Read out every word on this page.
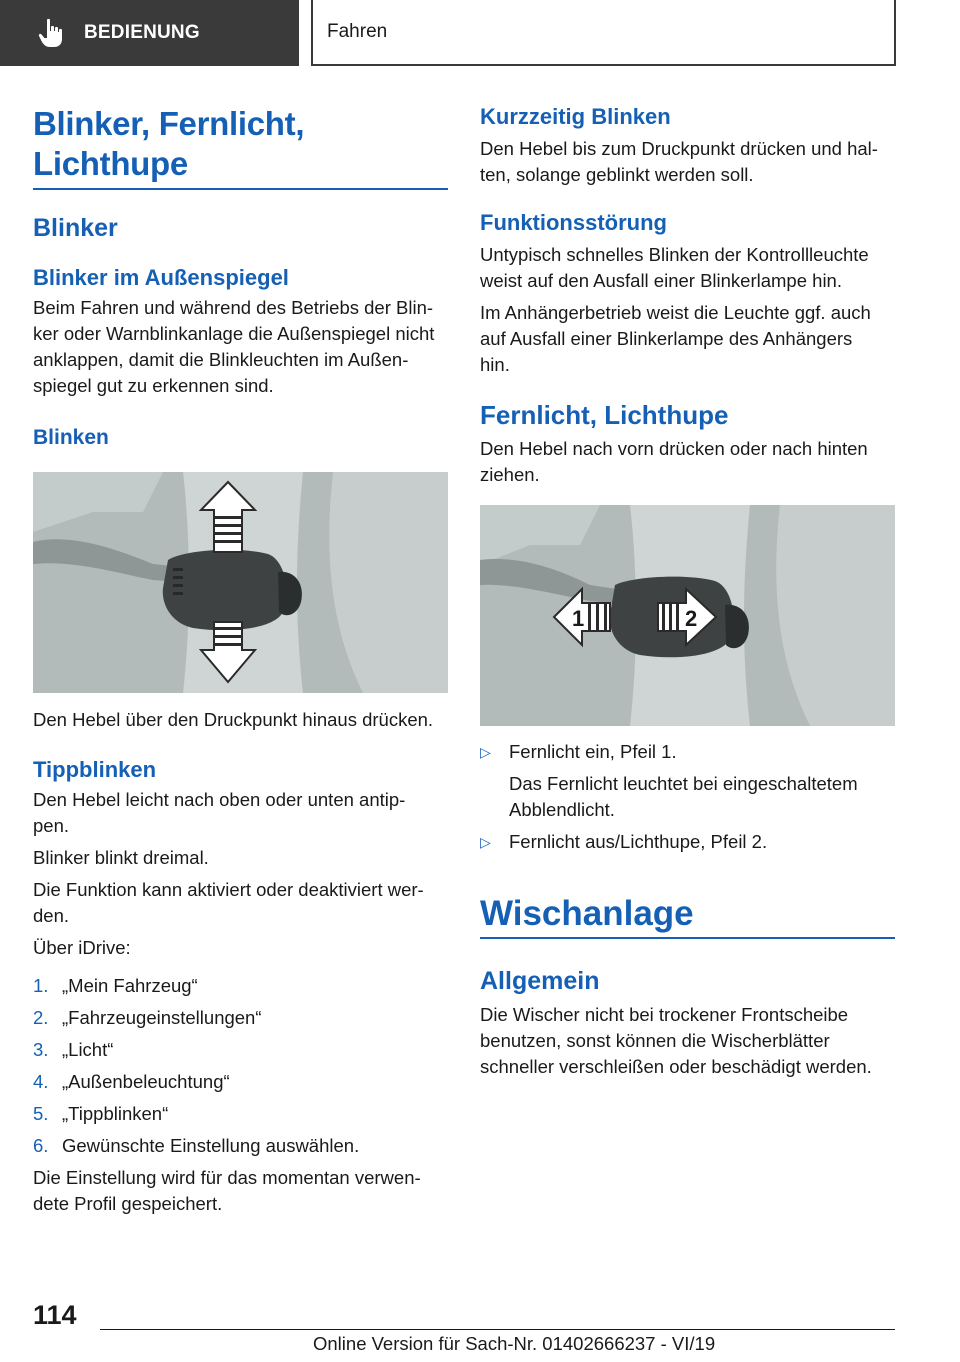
BEDIENUNG	Fahren
Blinker, Fernlicht,
Lichthupe
Blinker
Blinker im Außenspiegel

Beim Fahren und während des Betriebs der Blin-

ker oder Warnblinkanlage die Außenspiegel nicht

anklappen, damit die Blinkleuchten im Außen-

spiegel gut zu erkennen sind.

Blinken

Den Hebel über den Druckpunkt hinaus drücken.

Tippblinken

Den Hebel leicht nach oben oder unten antip-

pen.

Blinker blinkt dreimal.

Die Funktion kann aktiviert oder deaktiviert wer-

den.

Über iDrive:

1. „Mein Fahrzeug“
2. „Fahrzeugeinstellungen“
3. „Licht“
4. „Außenbeleuchtung“
5. „Tippblinken“
6. Gewünschte Einstellung auswählen.

Die Einstellung wird für das momentan verwen-

dete Profil gespeichert.

Kurzzeitig Blinken

Den Hebel bis zum Druckpunkt drücken und hal-

ten, solange geblinkt werden soll.

Funktionsstörung

Untypisch schnelles Blinken der Kontrollleuchte

weist auf den Ausfall einer Blinkerlampe hin.

Im Anhängerbetrieb weist die Leuchte ggf. auch

auf Ausfall einer Blinkerlampe des Anhängers

hin.

Fernlicht, Lichthupe

Den Hebel nach vorn drücken oder nach hinten

ziehen.

1	2
▷ Fernlicht ein, Pfeil 1.
Das Fernlicht leuchtet bei eingeschaltetem
Abblendlicht.
▷ Fernlicht aus/Lichthupe, Pfeil 2.
Wischanlage
Allgemein

Die Wischer nicht bei trockener Frontscheibe

benutzen, sonst können die Wischerblätter

schneller verschleißen oder beschädigt werden.

114
Online Version für Sach-Nr. 01402666237 - VI/19
